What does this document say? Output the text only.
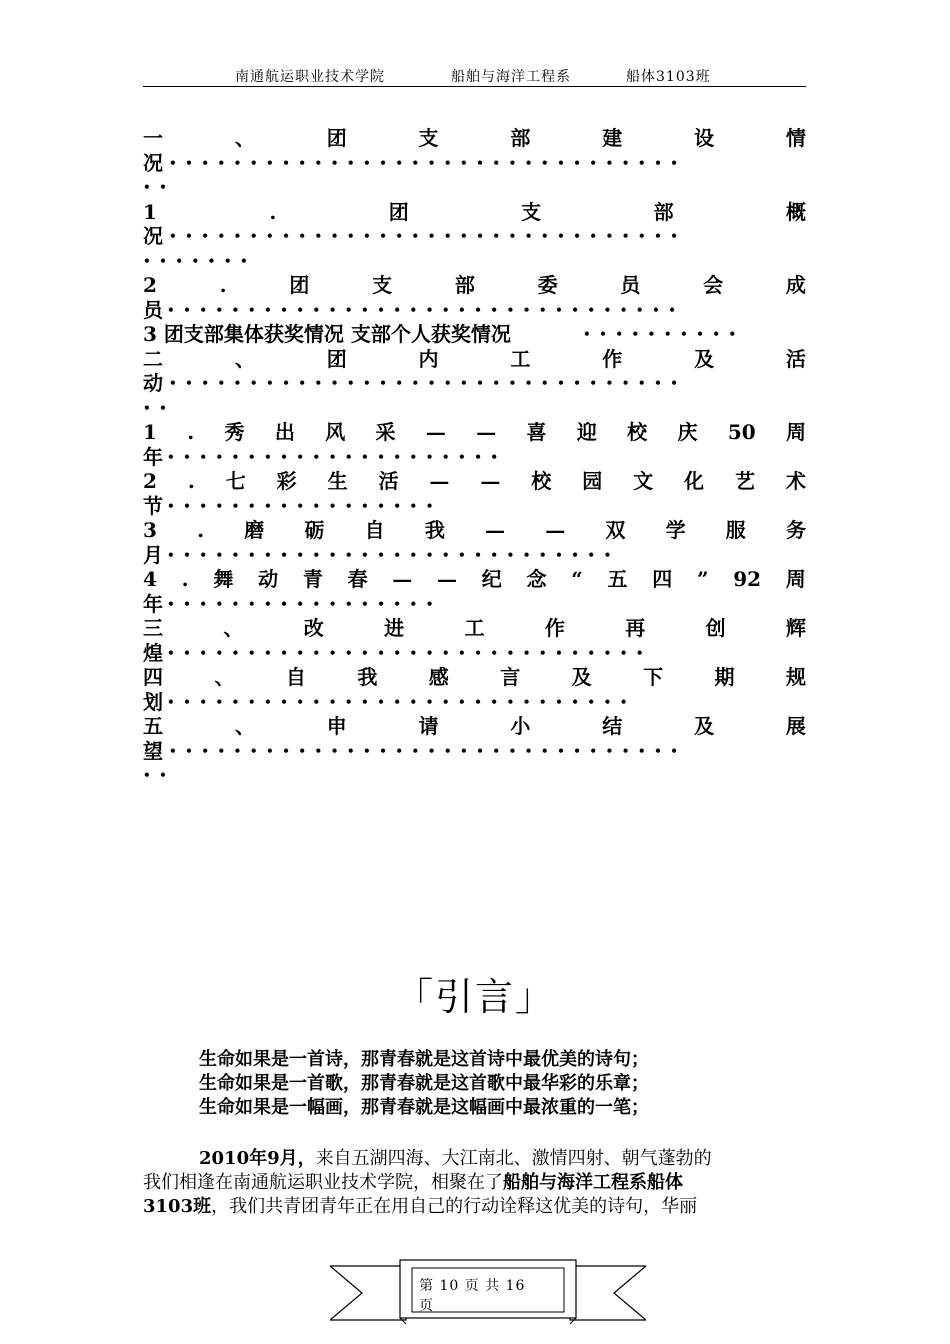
南通航运职业技术学院	船舶与海洋工程系	船体3103班
一	、	团	支	部	建	设	情
况 ••••••••••••••••••••••••••••••••
••
1	.	团	支	部	概
况 ••••••••••••••••••••••••••••••••
•••••••
2	.	团	支	部	委	员	会	成
员 ••••••••••••••••••••••••••••••••
3 团支部集体获奖情况 支部个人获奖情况	••••••••••
二	、	团	内	工	作	及	活
动 ••••••••••••••••••••••••••••••••
••
1 . 秀 出 风 采 — — 喜 迎 校 庆 50 周
年 •••••••••••••••••••••
2 . 七 彩 生 活 — — 校 园 文 化 艺 术
节 •••••••••••••••••
3 . 磨 砺 自 我 — — 双 学 服 务
月 ••••••••••••••••••••••••••••
4 . 舞 动 青 春 — — 纪 念 “ 五 四 ” 92 周
年 •••••••••••••••••
三	、	改	进	工	作	再	创	辉
煌 ••••••••••••••••••••••••••••••
四	、	自	我	感	言	及	下	期	规
划 •••••••••••••••••••••••••••••
五	、	申	请	小	结	及	展
望 ••••••••••••••••••••••••••••••••
••
「引言」
生命如果是一首诗，那青春就是这首诗中最优美的诗句；
生命如果是一首歌，那青春就是这首歌中最华彩的乐章；
生命如果是一幅画，那青春就是这幅画中最浓重的一笔；
2010年9月，来自五湖四海、大江南北、激情四射、朝气蓬勃的
我们相逢在南通航运职业技术学院，相聚在了船舶与海洋工程系船体
3103班，我们共青团青年正在用自己的行动诠释这优美的诗句，华丽
第 10 页 共 16
页
